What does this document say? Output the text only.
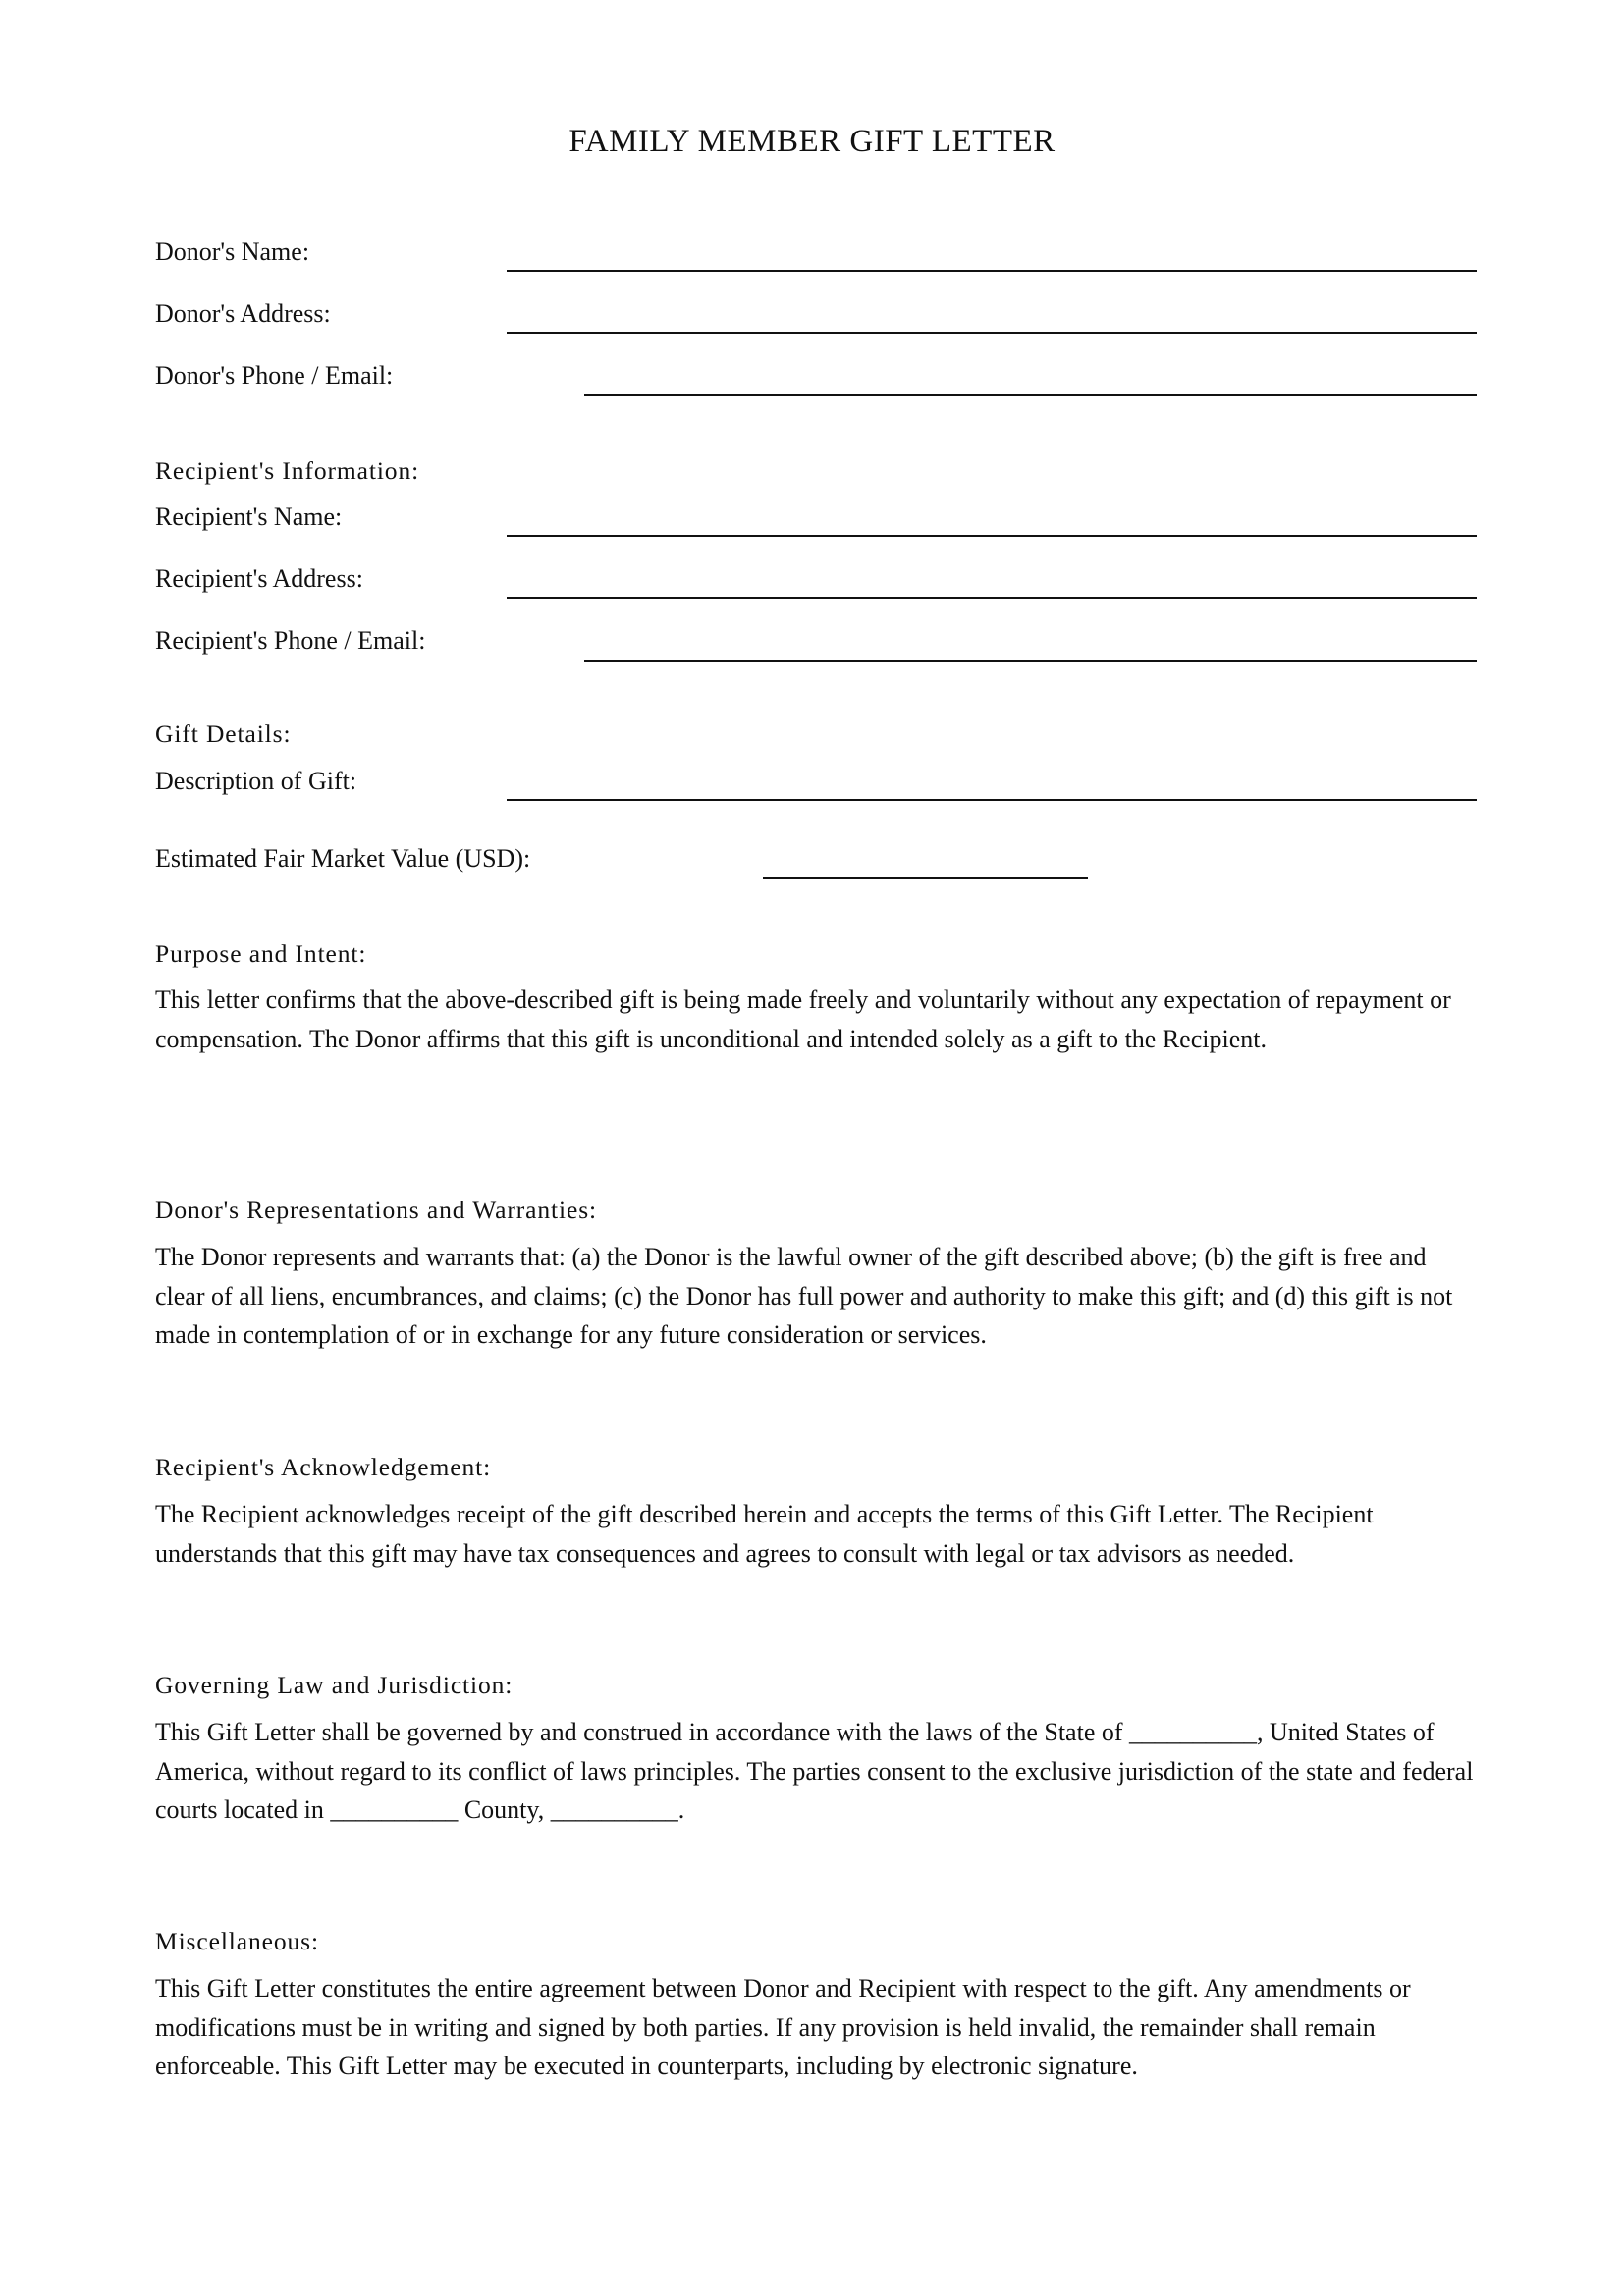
FAMILY MEMBER GIFT LETTER
Donor's Name:
Donor's Address:
Donor's Phone / Email:
Recipient's Information:
Recipient's Name:
Recipient's Address:
Recipient's Phone / Email:
Gift Details:
Description of Gift:
Estimated Fair Market Value (USD):
Purpose and Intent:

This letter confirms that the above-described gift is being made freely and voluntarily without any expectation of repayment or compensation. The Donor affirms that this gift is unconditional and intended solely as a gift to the Recipient.

Donor's Representations and Warranties:

The Donor represents and warrants that: (a) the Donor is the lawful owner of the gift described above; (b) the gift is free and clear of all liens, encumbrances, and claims; (c) the Donor has full power and authority to make this gift; and (d) this gift is not made in contemplation of or in exchange for any future consideration or services.

Recipient's Acknowledgement:

The Recipient acknowledges receipt of the gift described herein and accepts the terms of this Gift Letter. The Recipient understands that this gift may have tax consequences and agrees to consult with legal or tax advisors as needed.

Governing Law and Jurisdiction:

This Gift Letter shall be governed by and construed in accordance with the laws of the State of __________, United States of America, without regard to its conflict of laws principles. The parties consent to the exclusive jurisdiction of the state and federal courts located in __________ County, __________.

Miscellaneous:

This Gift Letter constitutes the entire agreement between Donor and Recipient with respect to the gift. Any amendments or modifications must be in writing and signed by both parties. If any provision is held invalid, the remainder shall remain enforceable. This Gift Letter may be executed in counterparts, including by electronic signature.
